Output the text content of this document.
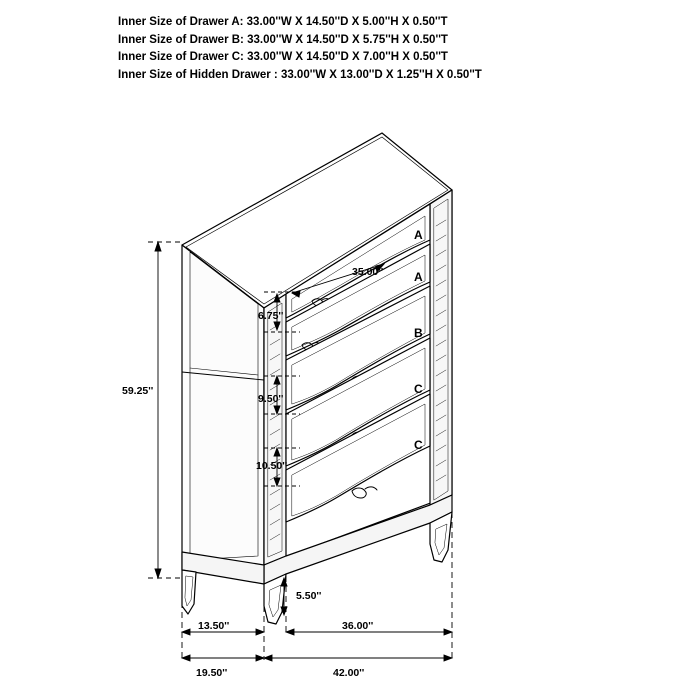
Inner Size of Drawer A: 33.00''W X 14.50''D X 5.00''H X 0.50''T
Inner Size of Drawer B: 33.00''W X 14.50''D X 5.75''H X 0.50''T
Inner Size of Drawer C: 33.00''W X 14.50''D X 7.00''H X 0.50''T
Inner Size of Hidden Drawer : 33.00''W X 13.00''D X 1.25''H X 0.50''T
A
A
B
C
C
59.25''
35.00''
6.75''
9.50''
10.50''
5.50''
13.50''	36.00''
19.50''	42.00''
